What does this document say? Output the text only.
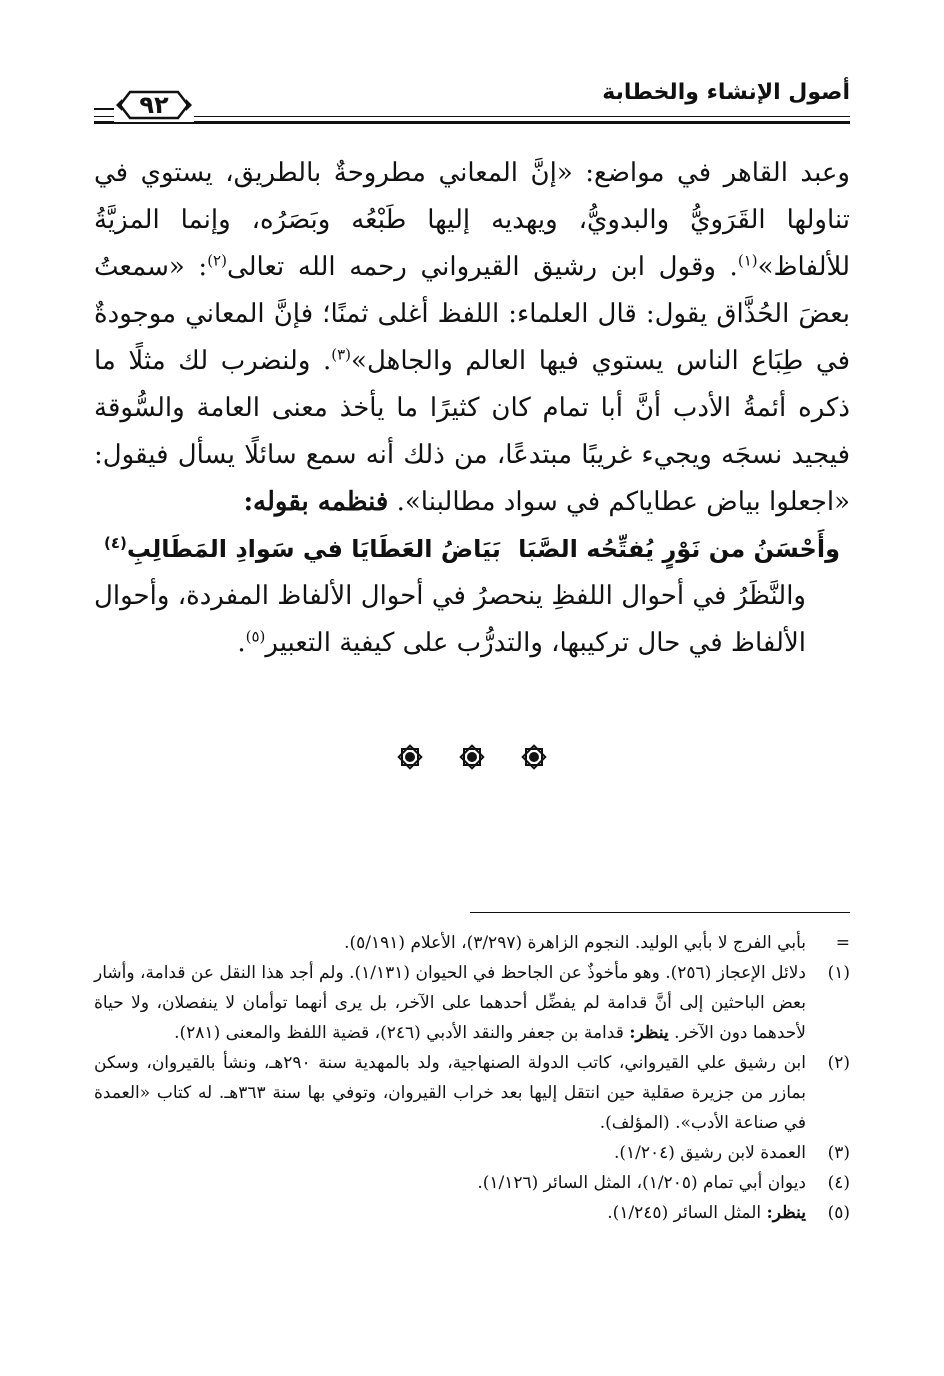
أصول الإنشاء والخطابة
٩٢

وعبد القاهر في مواضع: «إنَّ المعاني مطروحةٌ بالطريق، يستوي في تناولها القَرَويُّ والبدويُّ، ويهديه إليها طَبْعُه وبَصَرُه، وإنما المزيَّةُ للألفاظ»$^{(١)}$. وقول ابن رشيق القيرواني رحمه الله تعالى$^{(٢)}$: «سمعتُ بعضَ الحُذَّاق يقول: قال العلماء: اللفظ أغلى ثمنًا؛ فإنَّ المعاني موجودةٌ في طِبَاع الناس يستوي فيها العالم والجاهل»$^{(٣)}$. ولنضرب لك مثلًا ما ذكره أئمةُ الأدب أنَّ أبا تمام كان كثيرًا ما يأخذ معنى العامة والسُّوقة فيجيد نسجَه ويجيء غريبًا مبتدعًا، من ذلك أنه سمع سائلًا يسأل فيقول: «اجعلوا بياض عطاياكم في سواد مطالبنا». فنظمه بقوله:

وأَحْسَنُ من نَوْرٍ يُفتِّحُه الصَّبَا
بَيَاضُ العَطَايَا في سَوادِ المَطَالِبِ$^{(٤)}$

والنَّظَرُ في أحوال اللفظِ ينحصرُ في أحوال الألفاظ المفردة، وأحوال الألفاظ في حال تركيبها، والتدرُّب على كيفية التعبير$^{(٥)}$.

=
بأبي الفرج لا بأبي الوليد. النجوم الزاهرة (٣/٢٩٧)، الأعلام (٥/١٩١).
(١)
دلائل الإعجاز (٢٥٦). وهو مأخوذٌ عن الجاحظ في الحيوان (١/١٣١). ولم أجد هذا النقل عن قدامة، وأشار بعض الباحثين إلى أنَّ قدامة لم يفضِّل أحدهما على الآخر، بل يرى أنهما توأمان لا ينفصلان، ولا حياة لأحدهما دون الآخر. ينظر: قدامة بن جعفر والنقد الأدبي (٢٤٦)، قضية اللفظ والمعنى (٢٨١).
(٢)
ابن رشيق علي القيرواني، كاتب الدولة الصنهاجية، ولد بالمهدية سنة ٢٩٠هـ، ونشأ بالقيروان، وسكن بمازر من جزيرة صقلية حين انتقل إليها بعد خراب القيروان، وتوفي بها سنة ٣٦٣هـ. له كتاب «العمدة في صناعة الأدب». (المؤلف).
(٣)
العمدة لابن رشيق (١/٢٠٤).
(٤)
ديوان أبي تمام (١/٢٠٥)، المثل السائر (١/١٢٦).
(٥)
ينظر: المثل السائر (١/٢٤٥).
